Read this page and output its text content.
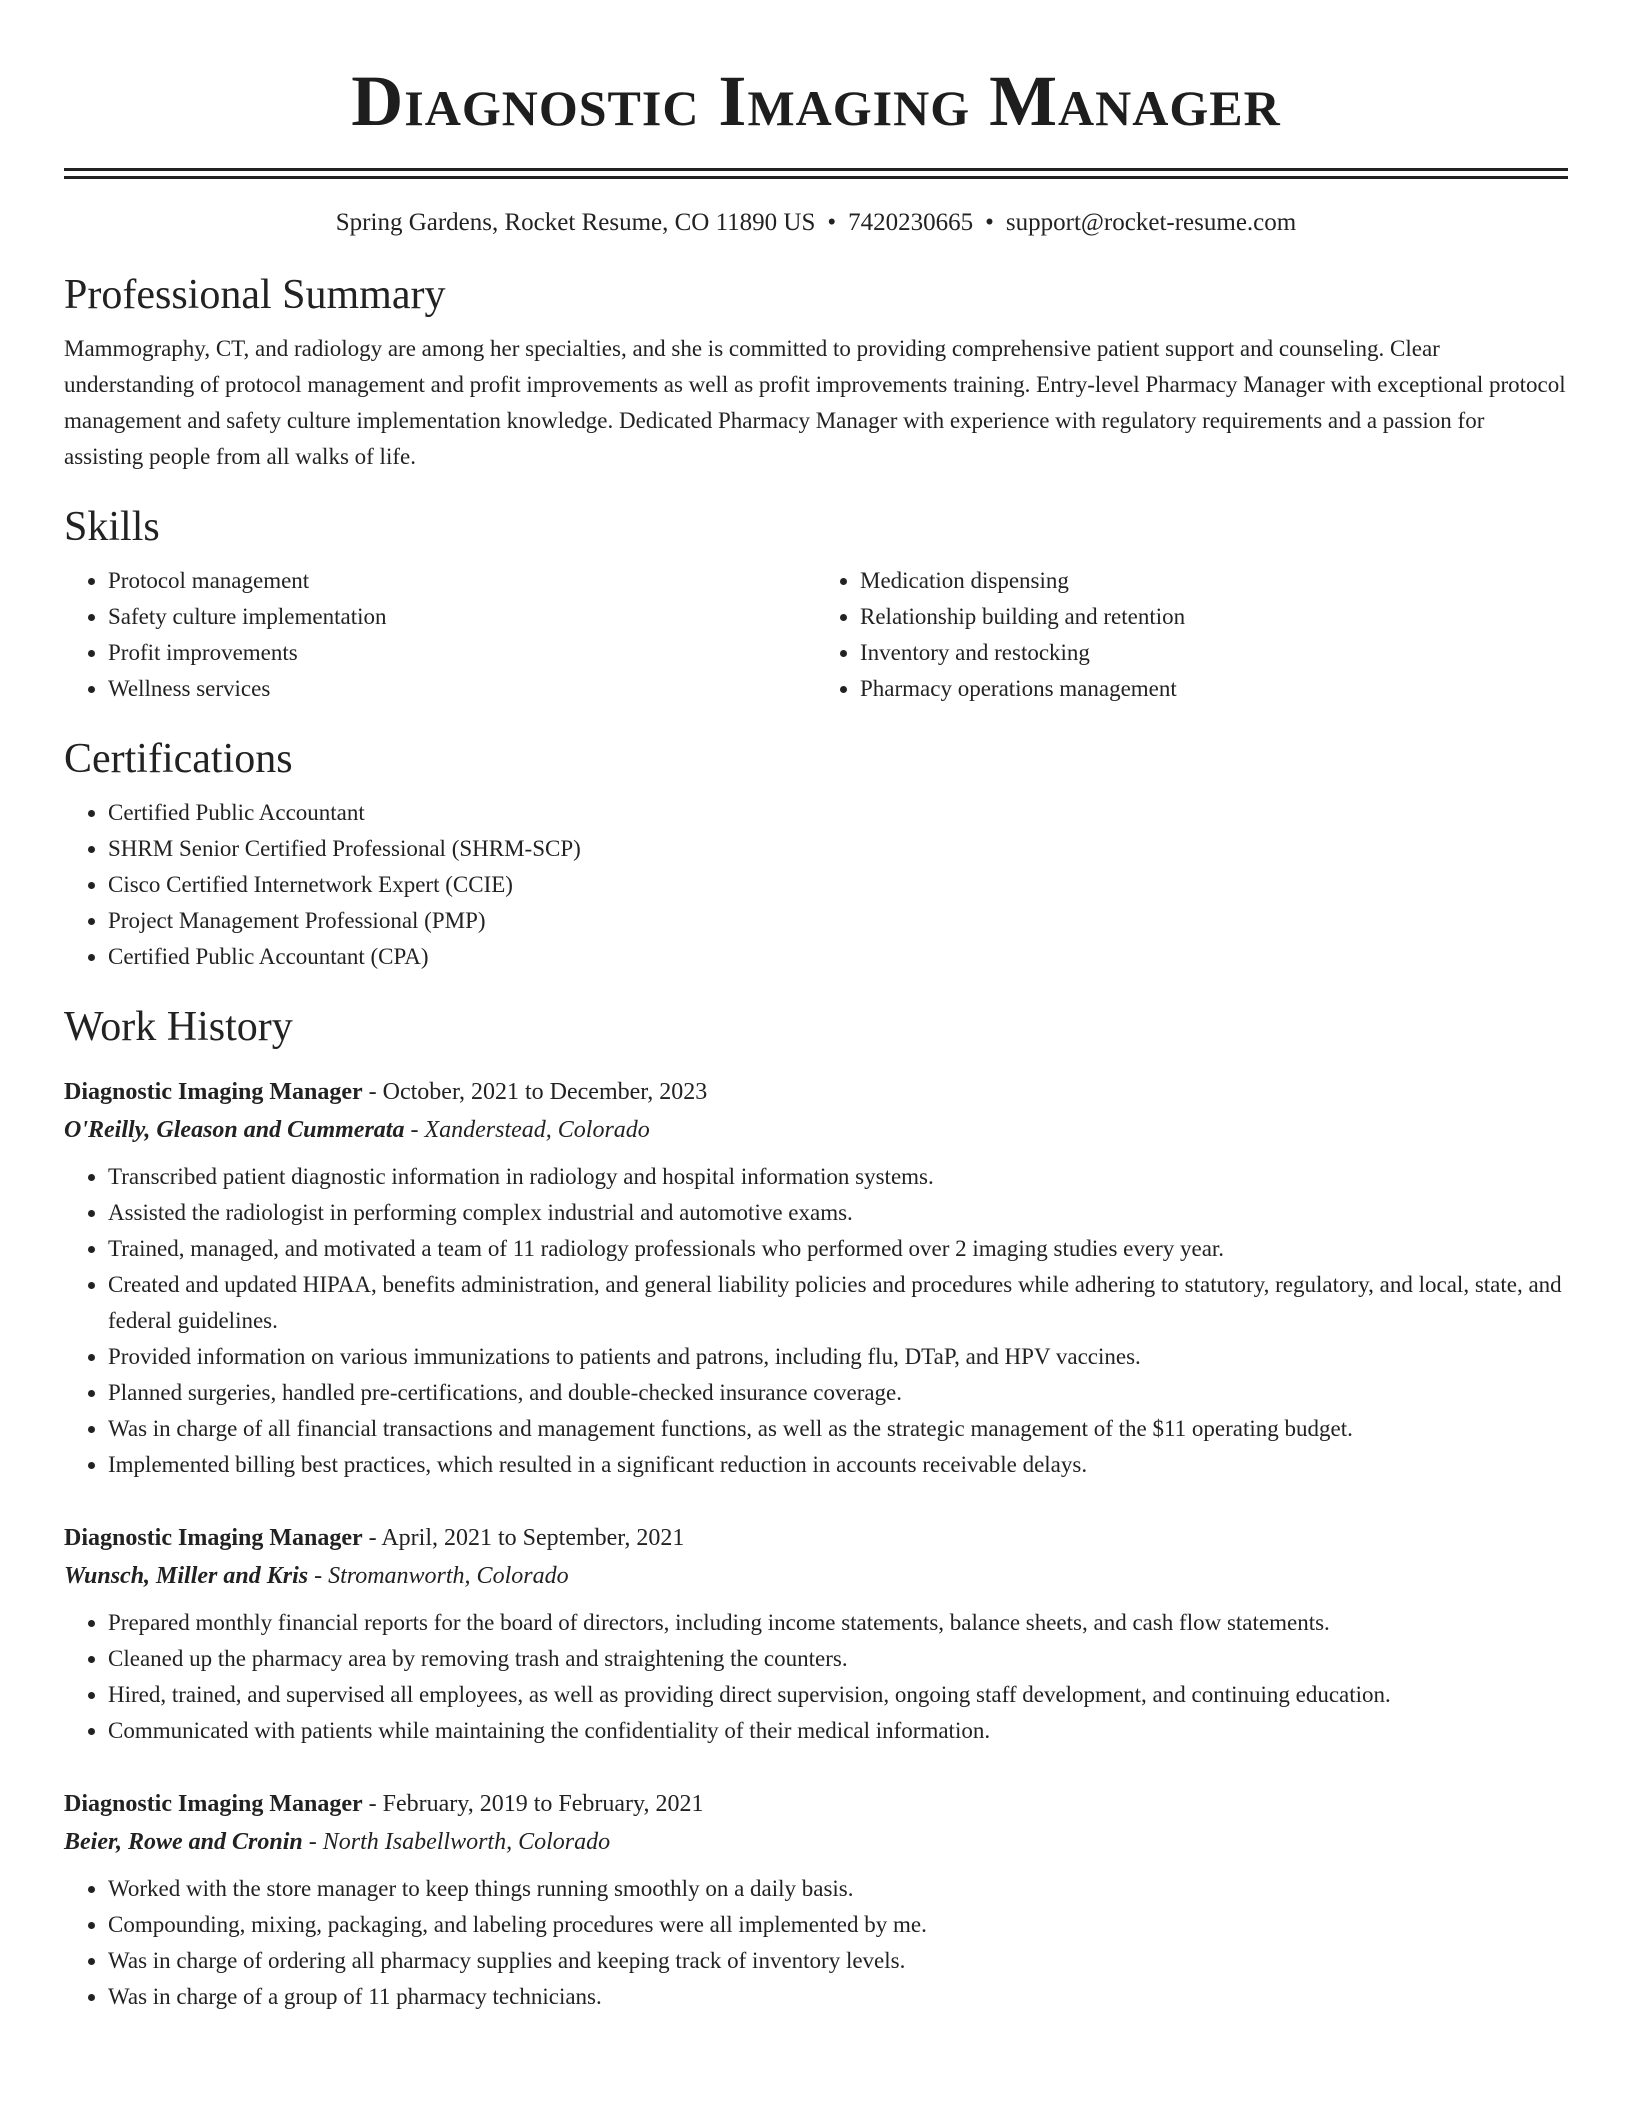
Diagnostic Imaging Manager
Spring Gardens, Rocket Resume, CO 11890 US • 7420230665 • support@rocket-resume.com
Professional Summary

Mammography, CT, and radiology are among her specialties, and she is committed to providing comprehensive patient support and counseling. Clear understanding of protocol management and profit improvements as well as profit improvements training. Entry-level Pharmacy Manager with exceptional protocol management and safety culture implementation knowledge. Dedicated Pharmacy Manager with experience with regulatory requirements and a passion for assisting people from all walks of life.

Skills
• Protocol management
• Safety culture implementation
• Profit improvements
• Wellness services
• Medication dispensing
• Relationship building and retention
• Inventory and restocking
• Pharmacy operations management
Certifications
• Certified Public Accountant
• SHRM Senior Certified Professional (SHRM-SCP)
• Cisco Certified Internetwork Expert (CCIE)
• Project Management Professional (PMP)
• Certified Public Accountant (CPA)
Work History
Diagnostic Imaging Manager - October, 2021 to December, 2023
O'Reilly, Gleason and Cummerata - Xanderstead, Colorado
• Transcribed patient diagnostic information in radiology and hospital information systems.
• Assisted the radiologist in performing complex industrial and automotive exams.
• Trained, managed, and motivated a team of 11 radiology professionals who performed over 2 imaging studies every year.
• Created and updated HIPAA, benefits administration, and general liability policies and procedures while adhering to statutory, regulatory, and local, state, and federal guidelines.
• Provided information on various immunizations to patients and patrons, including flu, DTaP, and HPV vaccines.
• Planned surgeries, handled pre-certifications, and double-checked insurance coverage.
• Was in charge of all financial transactions and management functions, as well as the strategic management of the $11 operating budget.
• Implemented billing best practices, which resulted in a significant reduction in accounts receivable delays.
Diagnostic Imaging Manager - April, 2021 to September, 2021
Wunsch, Miller and Kris - Stromanworth, Colorado
• Prepared monthly financial reports for the board of directors, including income statements, balance sheets, and cash flow statements.
• Cleaned up the pharmacy area by removing trash and straightening the counters.
• Hired, trained, and supervised all employees, as well as providing direct supervision, ongoing staff development, and continuing education.
• Communicated with patients while maintaining the confidentiality of their medical information.
Diagnostic Imaging Manager - February, 2019 to February, 2021
Beier, Rowe and Cronin - North Isabellworth, Colorado
• Worked with the store manager to keep things running smoothly on a daily basis.
• Compounding, mixing, packaging, and labeling procedures were all implemented by me.
• Was in charge of ordering all pharmacy supplies and keeping track of inventory levels.
• Was in charge of a group of 11 pharmacy technicians.
